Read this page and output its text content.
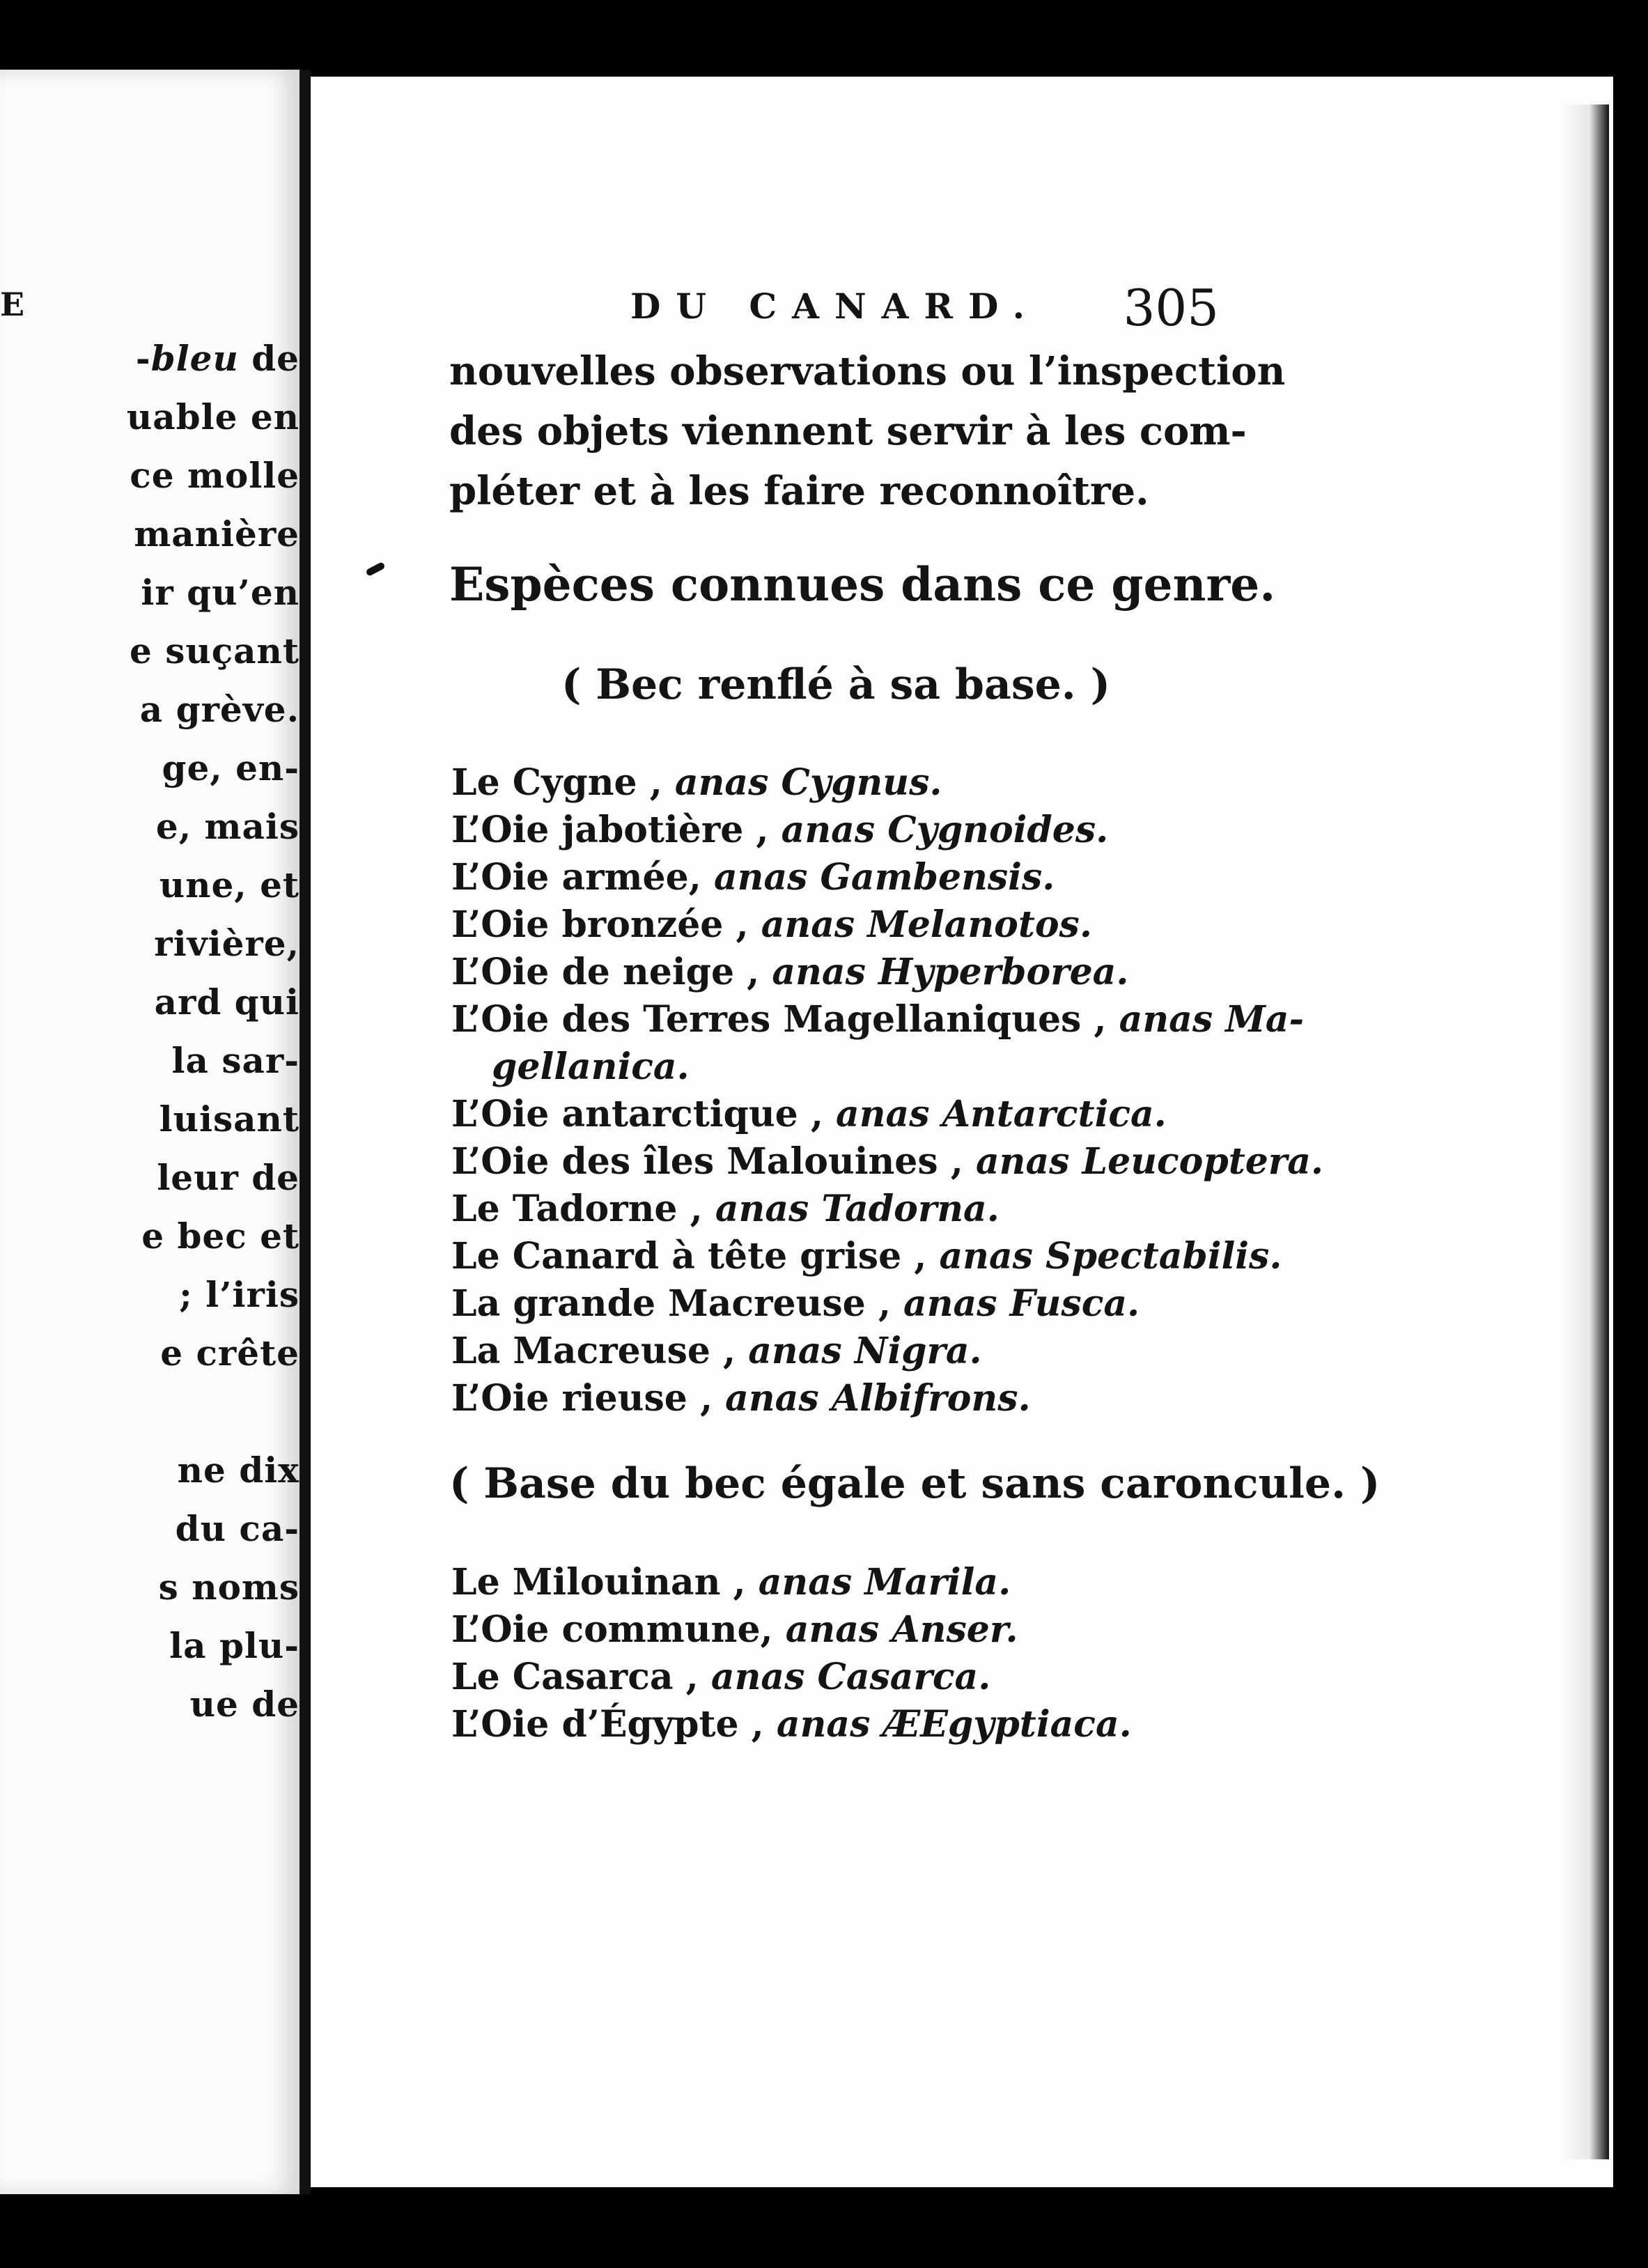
E
-bleu de
uable en
ce molle
manière
ir qu’en
e suçant
a grève.
ge, en-
e, mais
une, et
rivière,
ard qui
la sar-
luisant
leur de
e bec et
; l’iris
e crête
ne dix
du ca-
s noms
la plu-
ue de
DU CANARD. 305
nouvelles observations ou l’inspection
des objets viennent servir à les com-
pléter et à les faire reconnoître.
Espèces connues dans ce genre.
( Bec renflé à sa base. )
Le Cygne , anas Cygnus.
L’Oie jabotière , anas Cygnoides.
L’Oie armée, anas Gambensis.
L’Oie bronzée , anas Melanotos.
L’Oie de neige , anas Hyperborea.
L’Oie des Terres Magellaniques , anas Ma-
gellanica.
L’Oie antarctique , anas Antarctica.
L’Oie des îles Malouines , anas Leucoptera.
Le Tadorne , anas Tadorna.
Le Canard à tête grise , anas Spectabilis.
La grande Macreuse , anas Fusca.
La Macreuse , anas Nigra.
L’Oie rieuse , anas Albifrons.
( Base du bec égale et sans caroncule. )
Le Milouinan , anas Marila.
L’Oie commune, anas Anser.
Le Casarca , anas Casarca.
L’Oie d’Égypte , anas ÆEgyptiaca.
